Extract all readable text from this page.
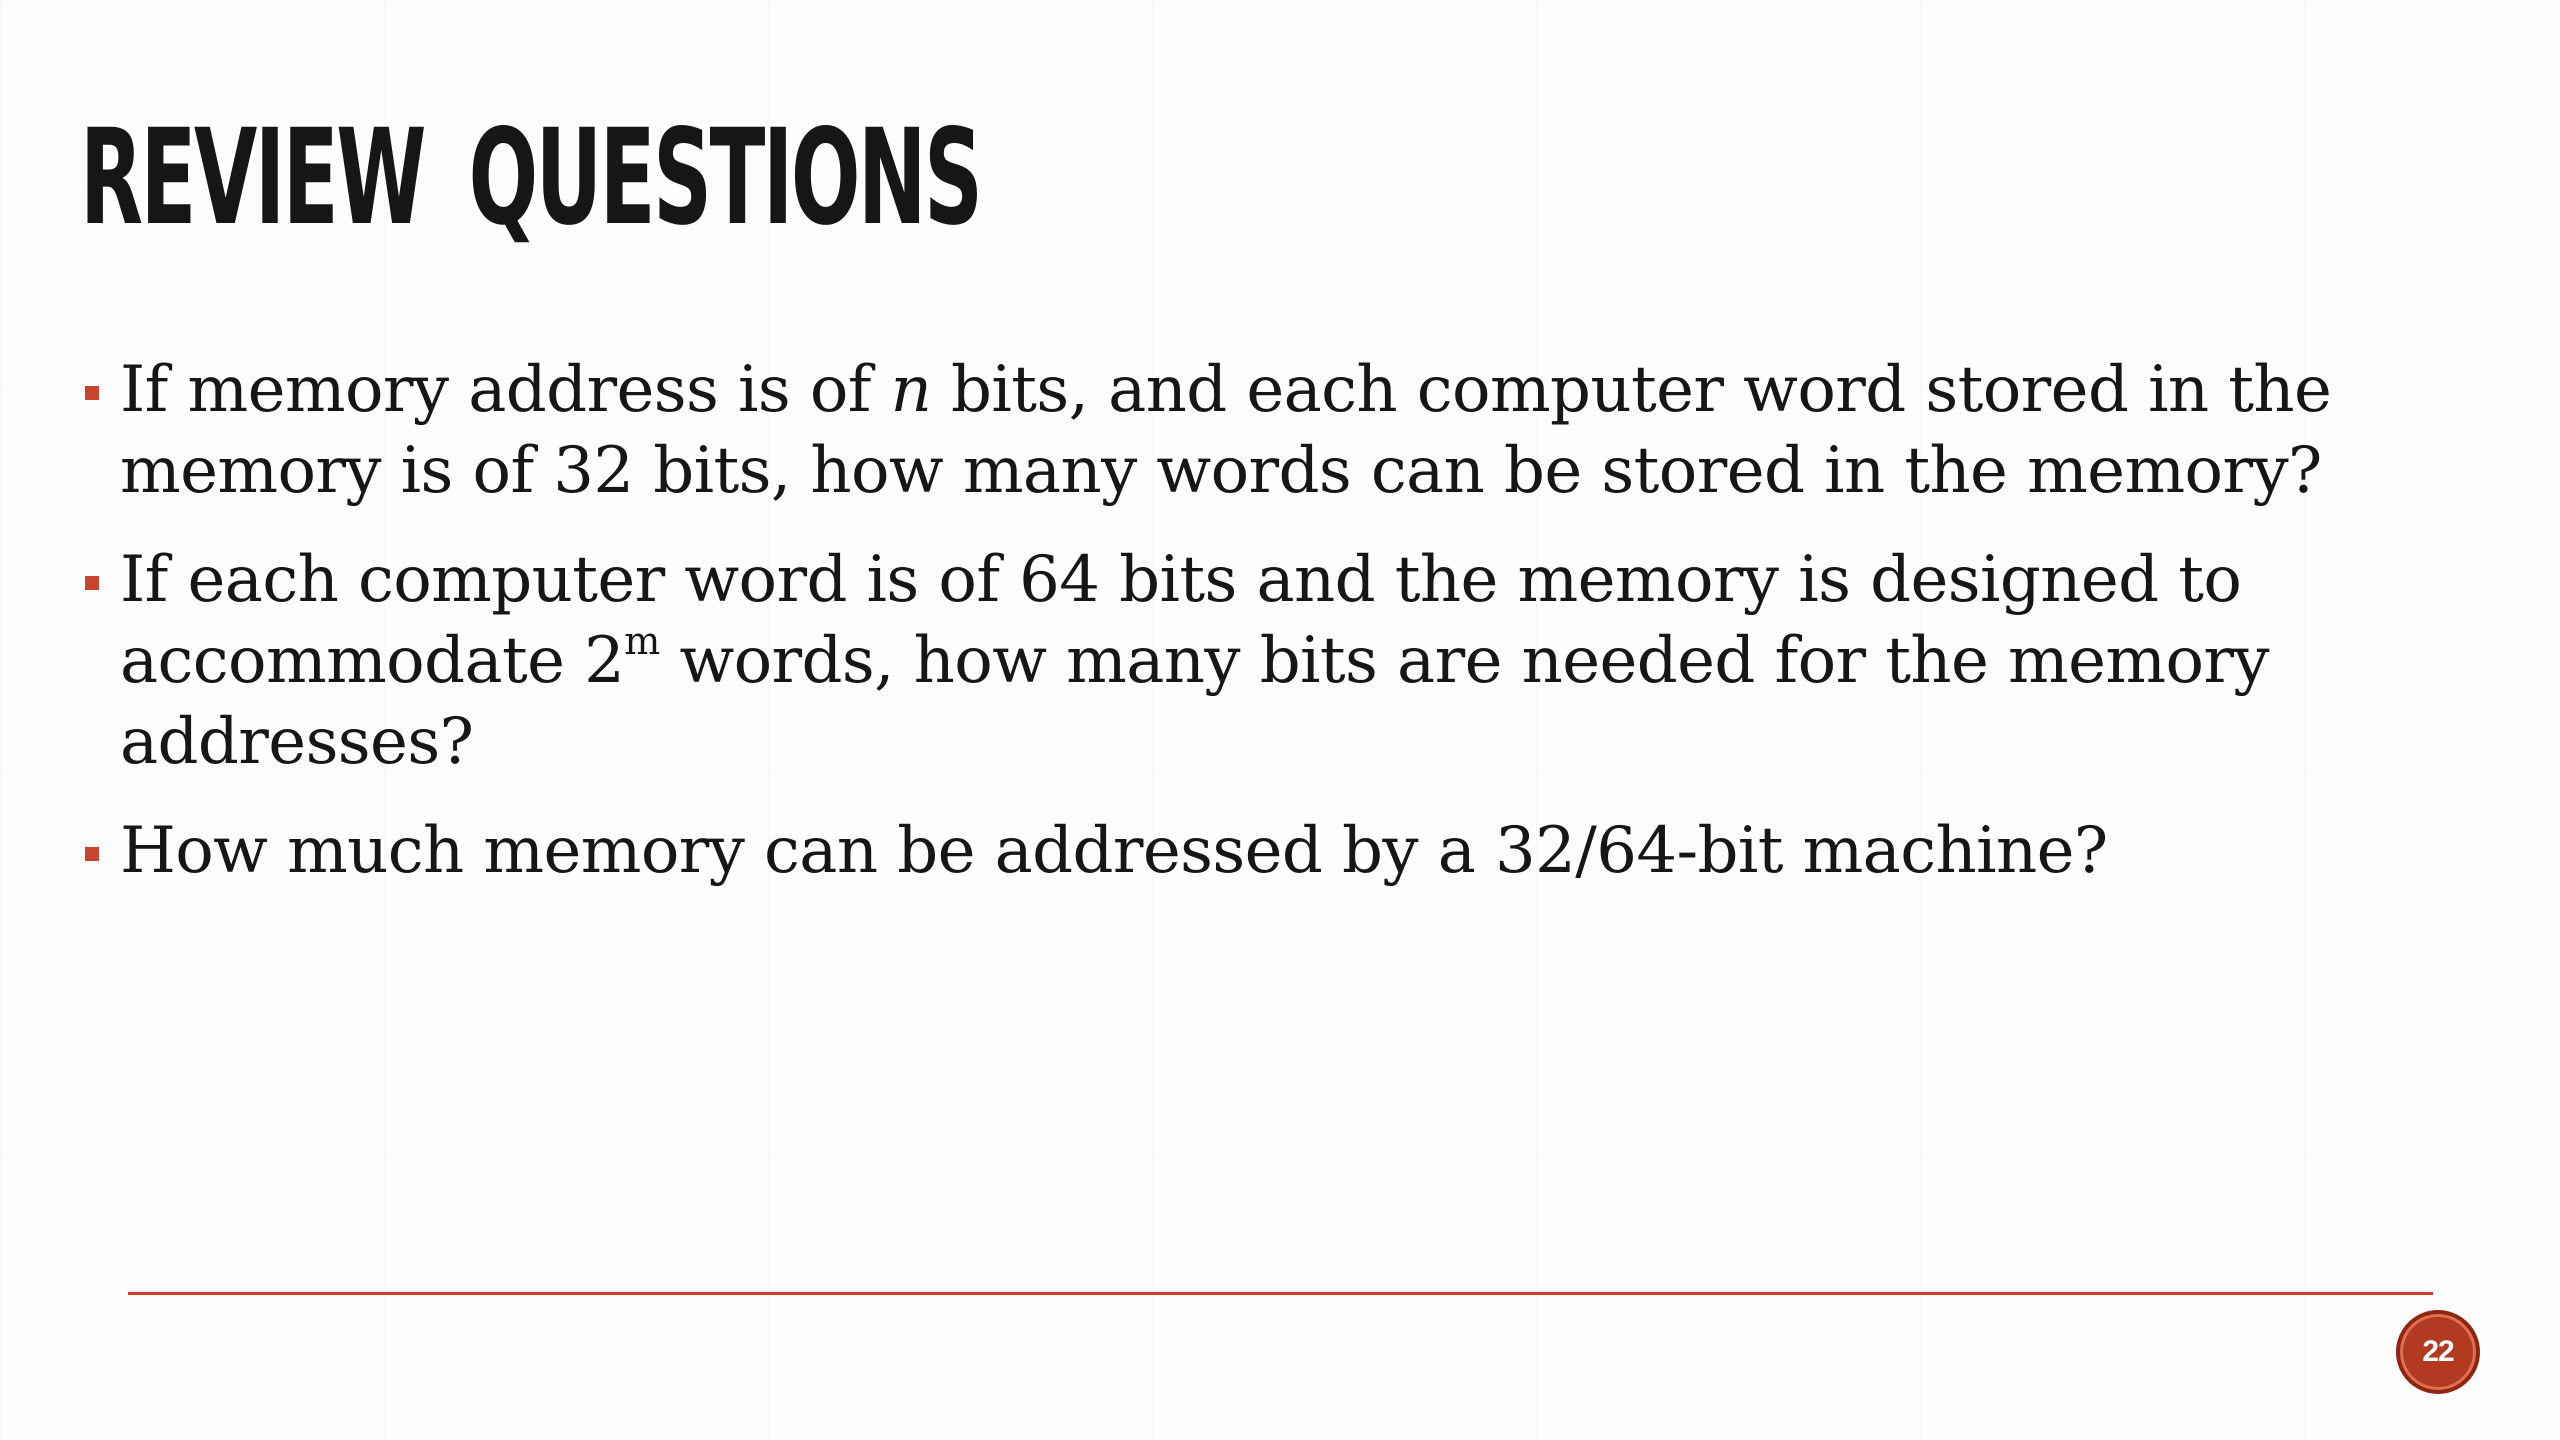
REVIEW QUESTIONS
If memory address is of n bits, and each computer word stored in the memory is of 32 bits, how many words can be stored in the memory?
If each computer word is of 64 bits and the memory is designed to accommodate 2$^m$ words, how many bits are needed for the memory addresses?
How much memory can be addressed by a 32/64-bit machine?
22
